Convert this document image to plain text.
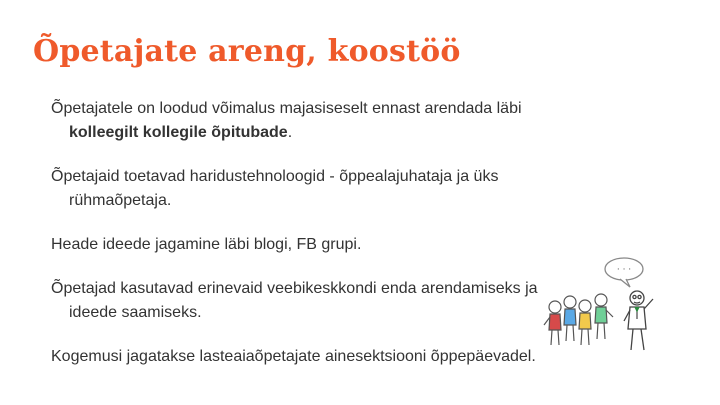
Õpetajate areng, koostöö
Õpetajatele on loodud võimalus majasiseselt ennast arendada läbi kolleegilt kollegile õpitubade.
Õpetajaid toetavad haridustehnoloogid - õppealajuhataja ja üks rühmaõpetaja.
Heade ideede jagamine läbi blogi, FB grupi.
Õpetajad kasutavad erinevaid veebikeskkondi enda arendamiseks ja ideede saamiseks.
Kogemusi jagatakse lasteaiaõpetajate ainesektsiooni õppepäevadel.
· · ·
